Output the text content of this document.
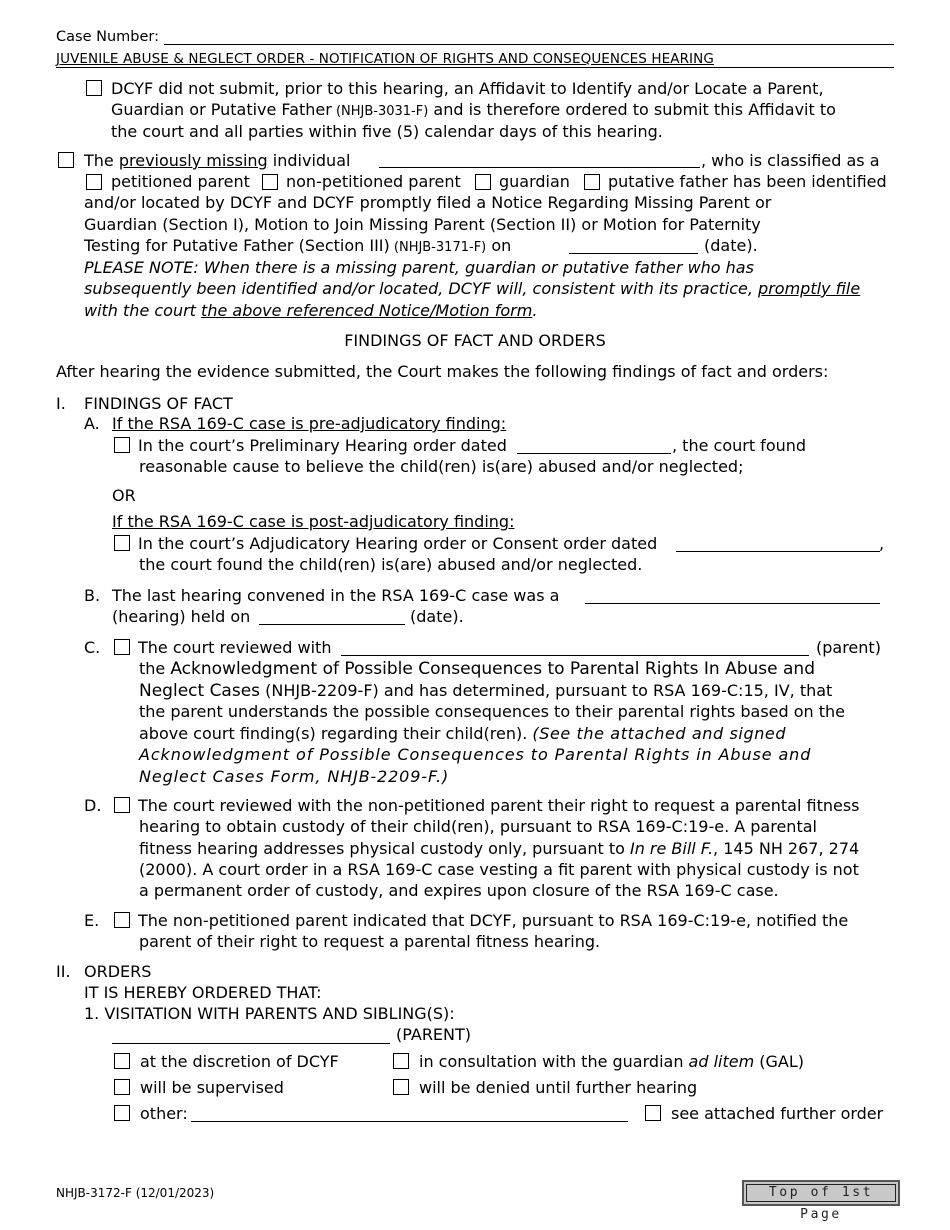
Case Number:
JUVENILE ABUSE & NEGLECT ORDER - NOTIFICATION OF RIGHTS AND CONSEQUENCES HEARING
DCYF did not submit, prior to this hearing, an Affidavit to Identify and/or Locate a Parent,
Guardian or Putative Father (NHJB-3031-F) and is therefore ordered to submit this Affidavit to
the court and all parties within five (5) calendar days of this hearing.
The previously missing individual	, who is classified as a
petitioned parent non-petitioned parent guardian putative father has been identified
and/or located by DCYF and DCYF promptly filed a Notice Regarding Missing Parent or
Guardian (Section I), Motion to Join Missing Parent (Section II) or Motion for Paternity
Testing for Putative Father (Section III) (NHJB-3171-F) on	(date).
PLEASE NOTE: When there is a missing parent, guardian or putative father who has
subsequently been identified and/or located, DCYF will, consistent with its practice, promptly file
with the court the above referenced Notice/Motion form.
FINDINGS OF FACT AND ORDERS
After hearing the evidence submitted, the Court makes the following findings of fact and orders:
I. FINDINGS OF FACT
A. If the RSA 169-C case is pre-adjudicatory finding:
In the court’s Preliminary Hearing order dated	, the court found
reasonable cause to believe the child(ren) is(are) abused and/or neglected;
OR
If the RSA 169-C case is post-adjudicatory finding:
In the court’s Adjudicatory Hearing order or Consent order dated	,
the court found the child(ren) is(are) abused and/or neglected.
B. The last hearing convened in the RSA 169-C case was a
(hearing) held on	(date).
C. The court reviewed with	(parent)
the Acknowledgment of Possible Consequences to Parental Rights In Abuse and
Neglect Cases (NHJB-2209-F) and has determined, pursuant to RSA 169-C:15, IV, that
the parent understands the possible consequences to their parental rights based on the
above court finding(s) regarding their child(ren). (See the attached and signed
Acknowledgment of Possible Consequences to Parental Rights in Abuse and
Neglect Cases Form, NHJB-2209-F.)
D. The court reviewed with the non-petitioned parent their right to request a parental fitness
hearing to obtain custody of their child(ren), pursuant to RSA 169-C:19-e. A parental
fitness hearing addresses physical custody only, pursuant to In re Bill F., 145 NH 267, 274
(2000). A court order in a RSA 169-C case vesting a fit parent with physical custody is not
a permanent order of custody, and expires upon closure of the RSA 169-C case.
E. The non-petitioned parent indicated that DCYF, pursuant to RSA 169-C:19-e, notified the
parent of their right to request a parental fitness hearing.
II. ORDERS
IT IS HEREBY ORDERED THAT:
1. VISITATION WITH PARENTS AND SIBLING(S):
(PARENT)
at the discretion of DCYF	in consultation with the guardian ad litem (GAL)
will be supervised	will be denied until further hearing
other:	see attached further order
NHJB-3172-F (12/01/2023)	Top of 1st Page
